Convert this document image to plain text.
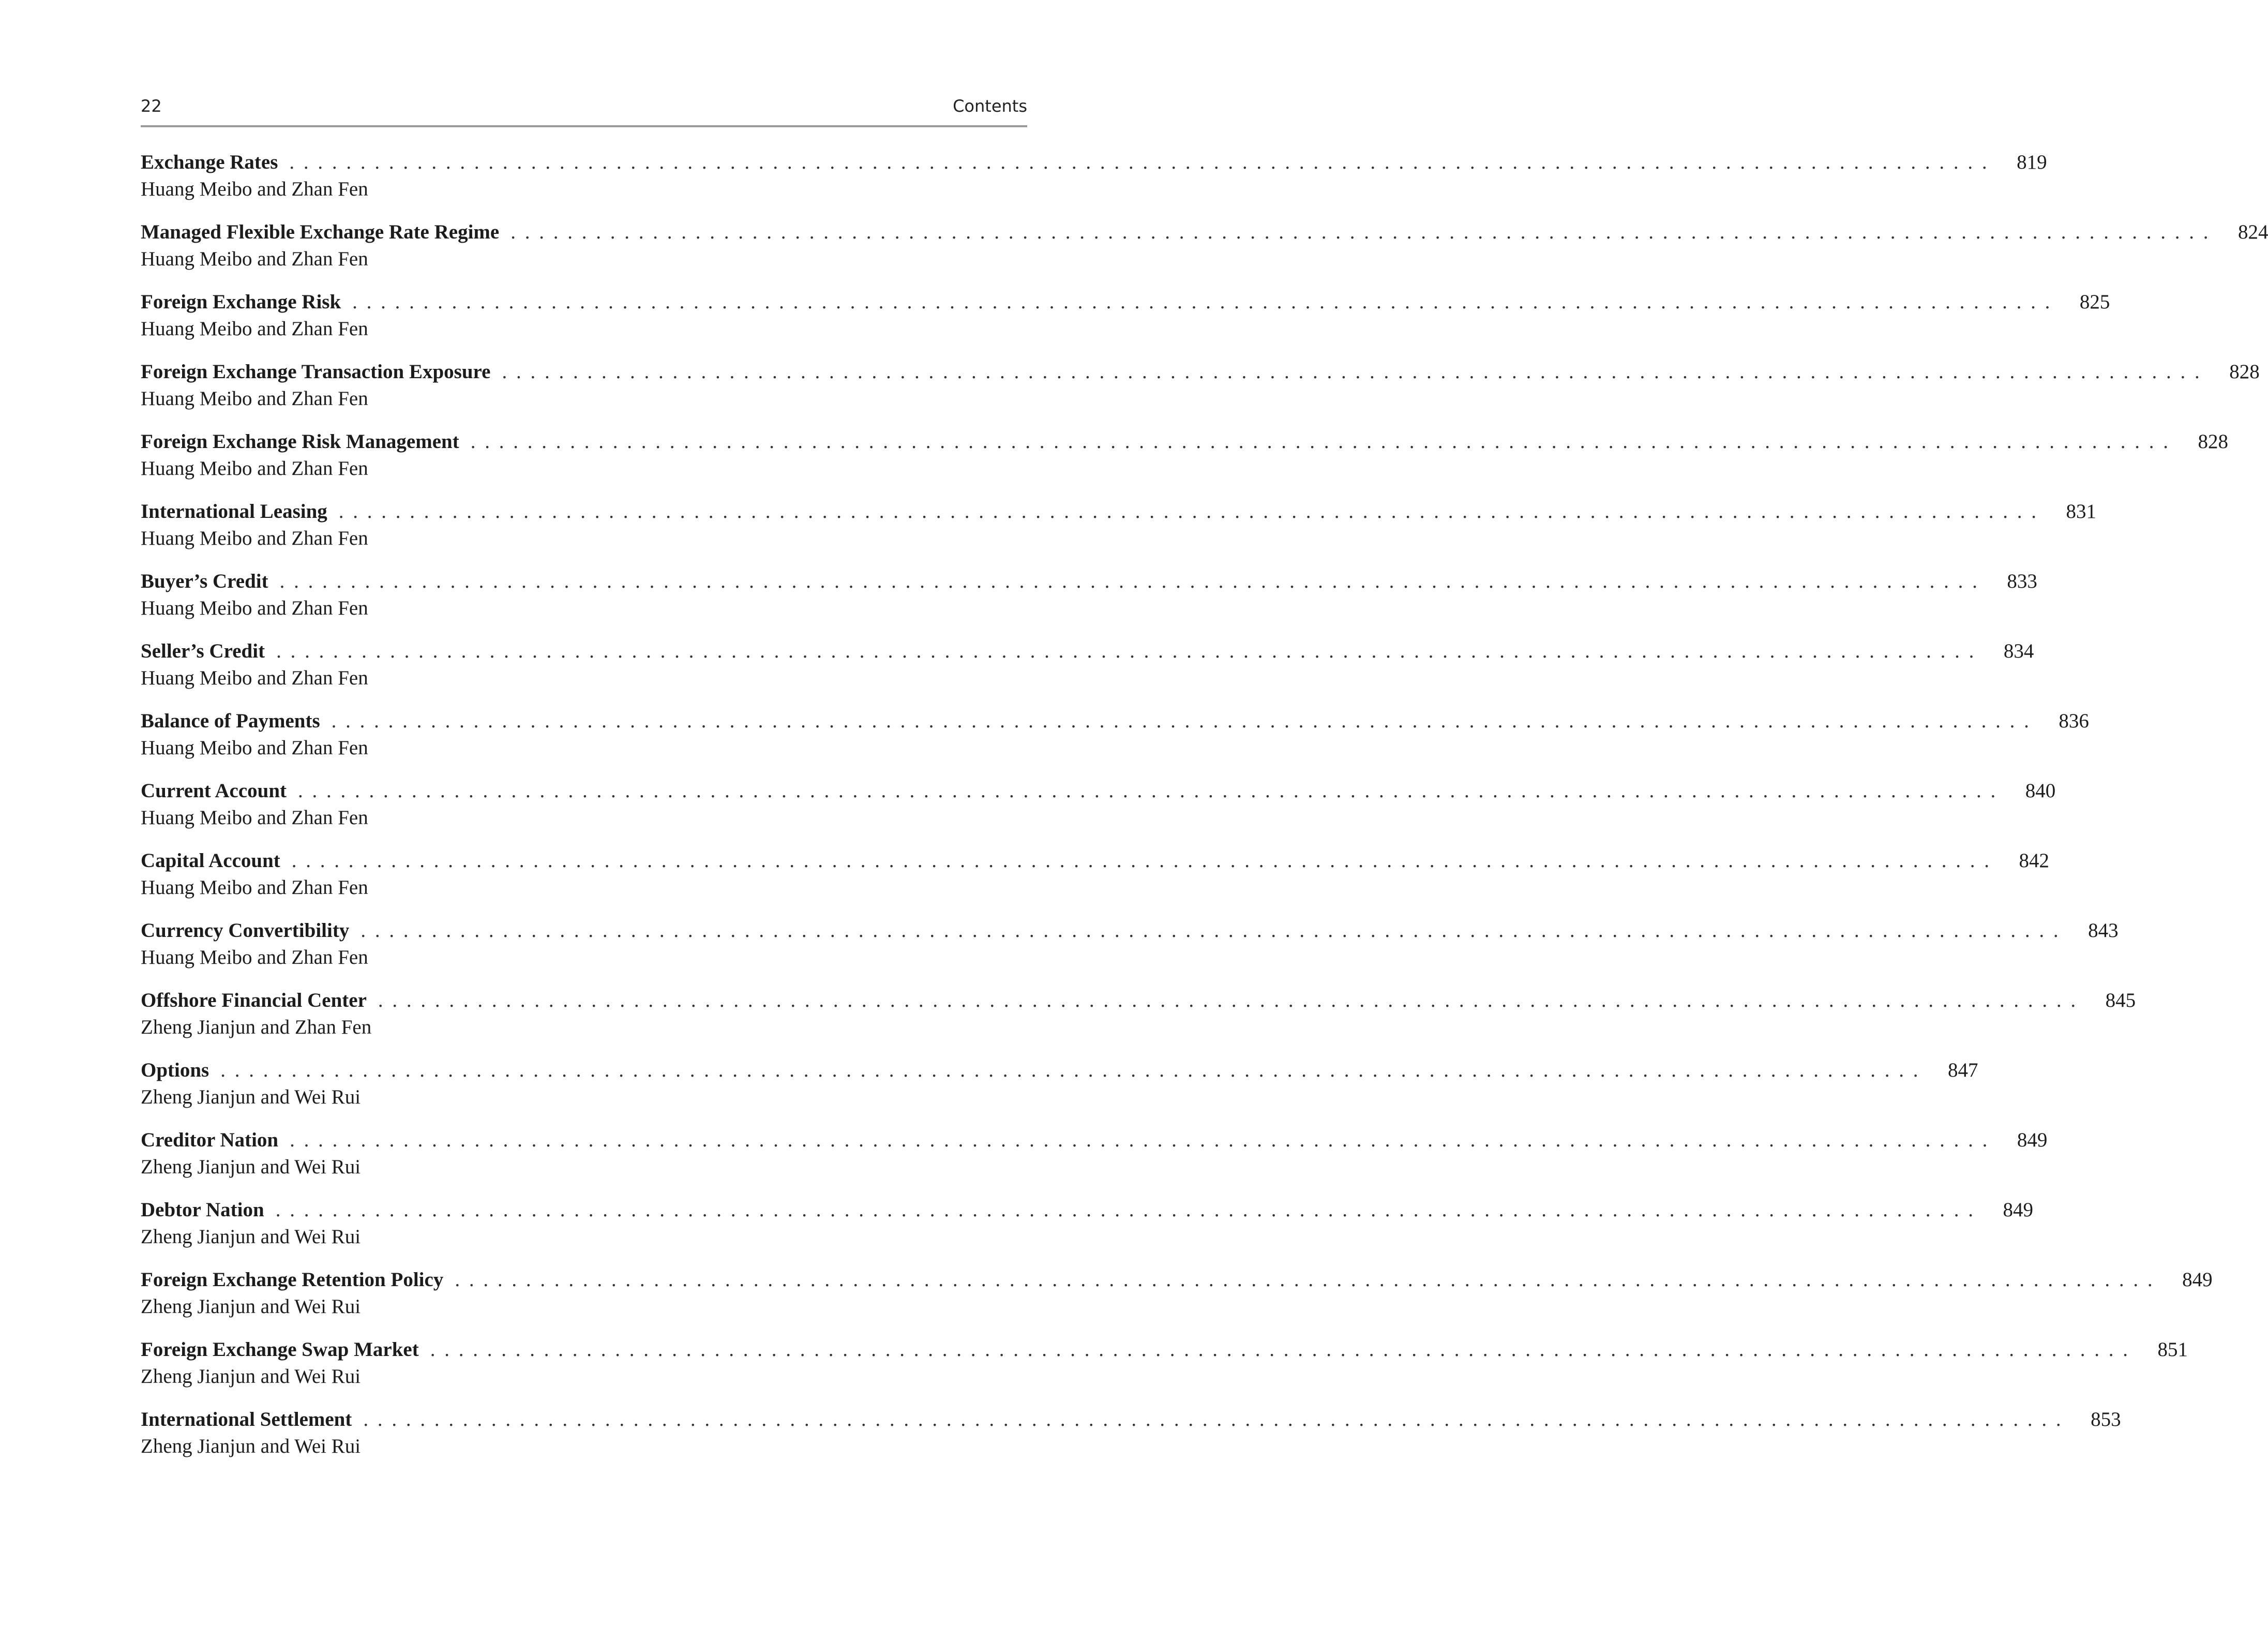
22	Contents
Exchange Rates . . . . . . . . . . . . . . . . . . . . . . . . . . . . . . . . . . . . . . . . . . . . . . . . . . . . . . . . . . . . . . . . . . . . . . . . . . . . . . . . . . . . . . . . . . . . . . . . . . . . . . . . . . . . . . . . . . . . . . . .	819
Huang Meibo and Zhan Fen
Managed Flexible Exchange Rate Regime . . . . . . . . . . . . . . . . . . . . . . . . . . . . . . . . . . . . . . . . . . . . . . . . . . . . . . . . . . . . . . . . . . . . . . . . . . . . . . . . . . . . . . . . . . . . . . . . . . . . . . . . . . . . . . . . . . . . . . . .	824
Huang Meibo and Zhan Fen
Foreign Exchange Risk . . . . . . . . . . . . . . . . . . . . . . . . . . . . . . . . . . . . . . . . . . . . . . . . . . . . . . . . . . . . . . . . . . . . . . . . . . . . . . . . . . . . . . . . . . . . . . . . . . . . . . . . . . . . . . . . . . . . . . . .	825
Huang Meibo and Zhan Fen
Foreign Exchange Transaction Exposure . . . . . . . . . . . . . . . . . . . . . . . . . . . . . . . . . . . . . . . . . . . . . . . . . . . . . . . . . . . . . . . . . . . . . . . . . . . . . . . . . . . . . . . . . . . . . . . . . . . . . . . . . . . . . . . . . . . . . . . .	828
Huang Meibo and Zhan Fen
Foreign Exchange Risk Management . . . . . . . . . . . . . . . . . . . . . . . . . . . . . . . . . . . . . . . . . . . . . . . . . . . . . . . . . . . . . . . . . . . . . . . . . . . . . . . . . . . . . . . . . . . . . . . . . . . . . . . . . . . . . . . . . . . . . . . .	828
Huang Meibo and Zhan Fen
International Leasing . . . . . . . . . . . . . . . . . . . . . . . . . . . . . . . . . . . . . . . . . . . . . . . . . . . . . . . . . . . . . . . . . . . . . . . . . . . . . . . . . . . . . . . . . . . . . . . . . . . . . . . . . . . . . . . . . . . . . . . .	831
Huang Meibo and Zhan Fen
Buyer’s Credit . . . . . . . . . . . . . . . . . . . . . . . . . . . . . . . . . . . . . . . . . . . . . . . . . . . . . . . . . . . . . . . . . . . . . . . . . . . . . . . . . . . . . . . . . . . . . . . . . . . . . . . . . . . . . . . . . . . . . . . .	833
Huang Meibo and Zhan Fen
Seller’s Credit . . . . . . . . . . . . . . . . . . . . . . . . . . . . . . . . . . . . . . . . . . . . . . . . . . . . . . . . . . . . . . . . . . . . . . . . . . . . . . . . . . . . . . . . . . . . . . . . . . . . . . . . . . . . . . . . . . . . . . . .	834
Huang Meibo and Zhan Fen
Balance of Payments . . . . . . . . . . . . . . . . . . . . . . . . . . . . . . . . . . . . . . . . . . . . . . . . . . . . . . . . . . . . . . . . . . . . . . . . . . . . . . . . . . . . . . . . . . . . . . . . . . . . . . . . . . . . . . . . . . . . . . . .	836
Huang Meibo and Zhan Fen
Current Account . . . . . . . . . . . . . . . . . . . . . . . . . . . . . . . . . . . . . . . . . . . . . . . . . . . . . . . . . . . . . . . . . . . . . . . . . . . . . . . . . . . . . . . . . . . . . . . . . . . . . . . . . . . . . . . . . . . . . . . .	840
Huang Meibo and Zhan Fen
Capital Account . . . . . . . . . . . . . . . . . . . . . . . . . . . . . . . . . . . . . . . . . . . . . . . . . . . . . . . . . . . . . . . . . . . . . . . . . . . . . . . . . . . . . . . . . . . . . . . . . . . . . . . . . . . . . . . . . . . . . . . .	842
Huang Meibo and Zhan Fen
Currency Convertibility . . . . . . . . . . . . . . . . . . . . . . . . . . . . . . . . . . . . . . . . . . . . . . . . . . . . . . . . . . . . . . . . . . . . . . . . . . . . . . . . . . . . . . . . . . . . . . . . . . . . . . . . . . . . . . . . . . . . . . . .	843
Huang Meibo and Zhan Fen
Offshore Financial Center . . . . . . . . . . . . . . . . . . . . . . . . . . . . . . . . . . . . . . . . . . . . . . . . . . . . . . . . . . . . . . . . . . . . . . . . . . . . . . . . . . . . . . . . . . . . . . . . . . . . . . . . . . . . . . . . . . . . . . . .	845
Zheng Jianjun and Zhan Fen
Options . . . . . . . . . . . . . . . . . . . . . . . . . . . . . . . . . . . . . . . . . . . . . . . . . . . . . . . . . . . . . . . . . . . . . . . . . . . . . . . . . . . . . . . . . . . . . . . . . . . . . . . . . . . . . . . . . . . . . . . .	847
Zheng Jianjun and Wei Rui
Creditor Nation . . . . . . . . . . . . . . . . . . . . . . . . . . . . . . . . . . . . . . . . . . . . . . . . . . . . . . . . . . . . . . . . . . . . . . . . . . . . . . . . . . . . . . . . . . . . . . . . . . . . . . . . . . . . . . . . . . . . . . . .	849
Zheng Jianjun and Wei Rui
Debtor Nation . . . . . . . . . . . . . . . . . . . . . . . . . . . . . . . . . . . . . . . . . . . . . . . . . . . . . . . . . . . . . . . . . . . . . . . . . . . . . . . . . . . . . . . . . . . . . . . . . . . . . . . . . . . . . . . . . . . . . . . .	849
Zheng Jianjun and Wei Rui
Foreign Exchange Retention Policy . . . . . . . . . . . . . . . . . . . . . . . . . . . . . . . . . . . . . . . . . . . . . . . . . . . . . . . . . . . . . . . . . . . . . . . . . . . . . . . . . . . . . . . . . . . . . . . . . . . . . . . . . . . . . . . . . . . . . . . .	849
Zheng Jianjun and Wei Rui
Foreign Exchange Swap Market . . . . . . . . . . . . . . . . . . . . . . . . . . . . . . . . . . . . . . . . . . . . . . . . . . . . . . . . . . . . . . . . . . . . . . . . . . . . . . . . . . . . . . . . . . . . . . . . . . . . . . . . . . . . . . . . . . . . . . . .	851
Zheng Jianjun and Wei Rui
International Settlement . . . . . . . . . . . . . . . . . . . . . . . . . . . . . . . . . . . . . . . . . . . . . . . . . . . . . . . . . . . . . . . . . . . . . . . . . . . . . . . . . . . . . . . . . . . . . . . . . . . . . . . . . . . . . . . . . . . . . . . .	853
Zheng Jianjun and Wei Rui
